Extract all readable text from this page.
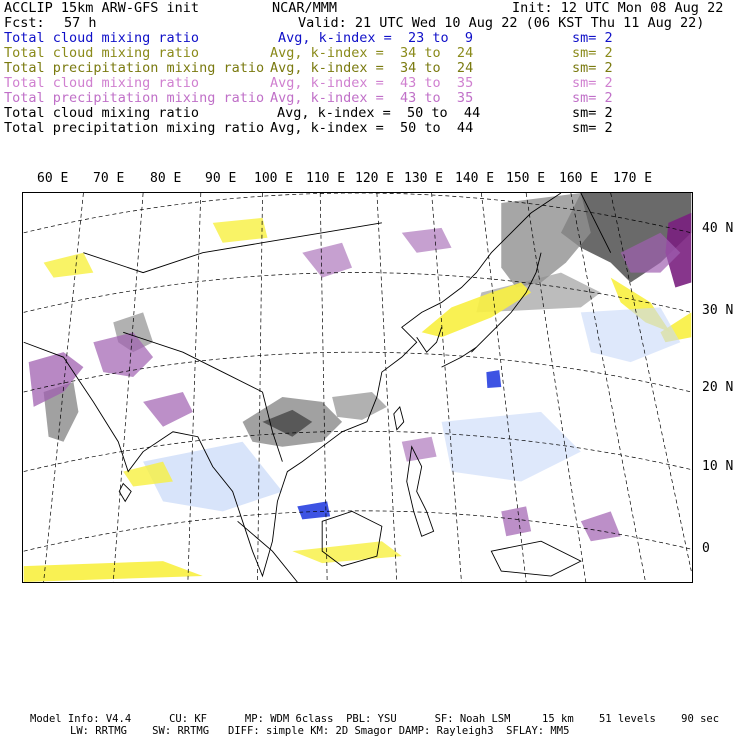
ACCLIP 15km ARW-GFS init	NCAR/MMM	Init: 12 UTC Mon 08 Aug 22
Fcst: 57 h	Valid: 21 UTC Wed 10 Aug 22 (06 KST Thu 11 Aug 22)
Model Info: V4.4      CU: KF      MP: WDM 6class  PBL: YSU      SF: Noah LSM     15 km    51 levels    90 sec
LW: RRTMG    SW: RRTMG   DIFF: simple KM: 2D Smagor DAMP: Rayleigh3  SFLAY: MM5
Total cloud mixing ratio	Avg, k-index =  23 to  9	sm= 2
Total cloud mixing ratio	Avg, k-index =  34 to  24	sm= 2
Total precipitation mixing ratio Avg, k-index =  34 to  24	sm= 2
Total cloud mixing ratio	Avg, k-index =  43 to  35	sm= 2
Total precipitation mixing ratio Avg, k-index =  43 to  35	sm= 2
Total cloud mixing ratio	Avg, k-index =  50 to  44	sm= 2
Total precipitation mixing ratio Avg, k-index =  50 to  44	sm= 2
60 E 70 E 80 E 90 E 100 E 110 E 120 E 130 E 140 E 150 E 160 E 170 E
40 N
30 N
20 N
10 N
0
